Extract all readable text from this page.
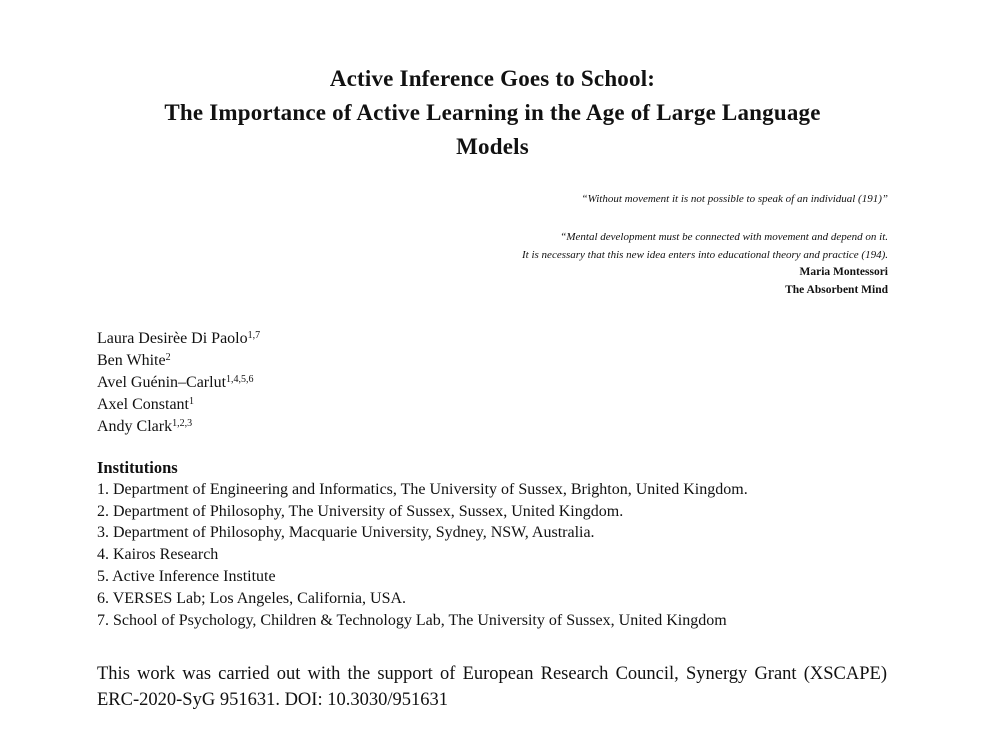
Active Inference Goes to School:
The Importance of Active Learning in the Age of Large Language
Models
“Without movement it is not possible to speak of an individual (191)”
“Mental development must be connected with movement and depend on it.
It is necessary that this new idea enters into educational theory and practice (194).
Maria Montessori
The Absorbent Mind
Laura Desirèe Di Paolo$^{1,7}$
Ben White$^2$
Avel Guénin–Carlut$^{1,4,5,6}$
Axel Constant$^1$
Andy Clark$^{1,2,3}$
Institutions
1. Department of Engineering and Informatics, The University of Sussex, Brighton, United Kingdom.
2. Department of Philosophy, The University of Sussex, Sussex, United Kingdom.
3. Department of Philosophy, Macquarie University, Sydney, NSW, Australia.
4. Kairos Research
5. Active Inference Institute
6. VERSES Lab; Los Angeles, California, USA.
7. School of Psychology, Children & Technology Lab, The University of Sussex, United Kingdom
This work was carried out with the support of European Research Council, Synergy Grant (XSCAPE) ERC-2020-SyG 951631. DOI: 10.3030/951631
